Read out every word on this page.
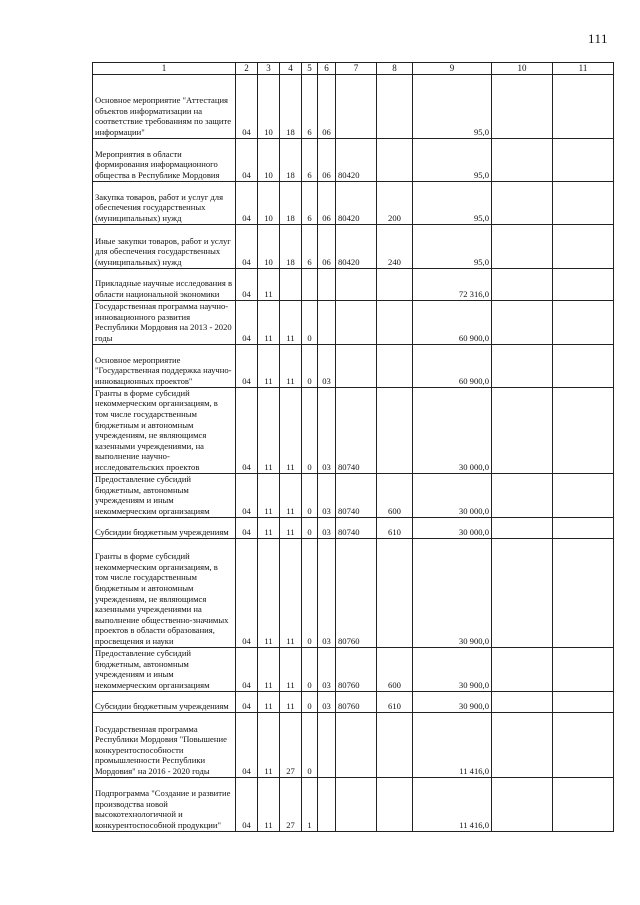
111
1	2	3	4	5	6	7	8	9	10	11
Основное мероприятие "Аттестация объектов информатизации на соответствие требованиям по защите информации"	04	10	18	6	06			95,0		
Мероприятия в области формирования информационного общества в Республике Мордовия	04	10	18	6	06	80420		95,0		
Закупка товаров, работ и услуг для обеспечения государственных (муниципальных) нужд	04	10	18	6	06	80420	200	95,0		
Иные закупки товаров, работ и услуг для обеспечения государственных (муниципальных) нужд	04	10	18	6	06	80420	240	95,0		
Прикладные научные исследования в области национальной экономики	04	11						72 316,0		
Государственная программа научно-инновационного развития Республики Мордовия на 2013 - 2020 годы	04	11	11	0				60 900,0		
Основное мероприятие "Государственная поддержка научно-инновационных проектов"	04	11	11	0	03			60 900,0		
Гранты в форме субсидий некоммерческим организациям, в том числе государственным бюджетным и автономным учреждениям, не являющимся казенными учреждениями, на выполнение научно-исследовательских проектов	04	11	11	0	03	80740		30 000,0		
Предоставление субсидий бюджетным, автономным учреждениям и иным некоммерческим организациям	04	11	11	0	03	80740	600	30 000,0		
Субсидии бюджетным учреждениям	04	11	11	0	03	80740	610	30 000,0		
Гранты в форме субсидий некоммерческим организациям, в том числе государственным бюджетным и автономным учреждениям, не являющимся казенными учреждениями на выполнение общественно-значимых проектов в области образования, просвещения и науки	04	11	11	0	03	80760		30 900,0		
Предоставление субсидий бюджетным, автономным учреждениям и иным некоммерческим организациям	04	11	11	0	03	80760	600	30 900,0		
Субсидии бюджетным учреждениям	04	11	11	0	03	80760	610	30 900,0		
Государственная программа Республики Мордовия "Повышение конкурентоспособности промышленности Республики Мордовия" на 2016 - 2020 годы	04	11	27	0				11 416,0		
Подпрограмма "Создание и развитие производства новой высокотехнологичной и конкурентоспособной продукции"	04	11	27	1				11 416,0		
